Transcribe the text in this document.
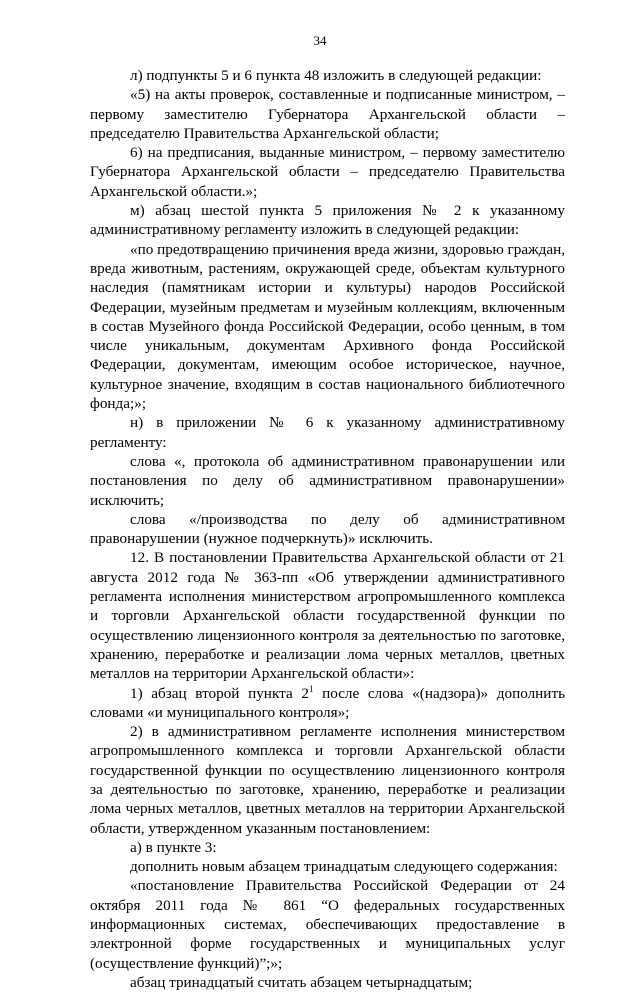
34

л) подпункты 5 и 6 пункта 48 изложить в следующей редакции:

«5) на акты проверок, составленные и подписанные министром, – первому заместителю Губернатора Архангельской области – председателю Правительства Архангельской области;

6) на предписания, выданные министром, – первому заместителю Губернатора Архангельской области – председателю Правительства Архангельской области.»;

м) абзац шестой пункта 5 приложения № 2 к указанному административному регламенту изложить в следующей редакции:

«по предотвращению причинения вреда жизни, здоровью граждан, вреда животным, растениям, окружающей среде, объектам культурного наследия (памятникам истории и культуры) народов Российской Федерации, музейным предметам и музейным коллекциям, включенным в состав Музейного фонда Российской Федерации, особо ценным, в том числе уникальным, документам Архивного фонда Российской Федерации, документам, имеющим особое историческое, научное, культурное значение, входящим в состав национального библиотечного фонда;»;

н) в приложении № 6 к указанному административному регламенту:

слова «, протокола об административном правонарушении или постановления по делу об административном правонарушении» исключить;

слова «/производства по делу об административном правонарушении (нужное подчеркнуть)» исключить.

12. В постановлении Правительства Архангельской области от 21 августа 2012 года № 363-пп «Об утверждении административного регламента исполнения министерством агропромышленного комплекса и торговли Архангельской области государственной функции по осуществлению лицензионного контроля за деятельностью по заготовке, хранению, переработке и реализации лома черных металлов, цветных металлов на территории Архангельской области»:

1) абзац второй пункта $2^1$ после слова «(надзора)» дополнить словами «и муниципального контроля»;

2) в административном регламенте исполнения министерством агропромышленного комплекса и торговли Архангельской области государственной функции по осуществлению лицензионного контроля за деятельностью по заготовке, хранению, переработке и реализации лома черных металлов, цветных металлов на территории Архангельской области, утвержденном указанным постановлением:

а) в пункте 3:

дополнить новым абзацем тринадцатым следующего содержания:

«постановление Правительства Российской Федерации от 24 октября 2011 года № 861 “О федеральных государственных информационных системах, обеспечивающих предоставление в электронной форме государственных и муниципальных услуг (осуществление функций)”;»;

абзац тринадцатый считать абзацем четырнадцатым;
